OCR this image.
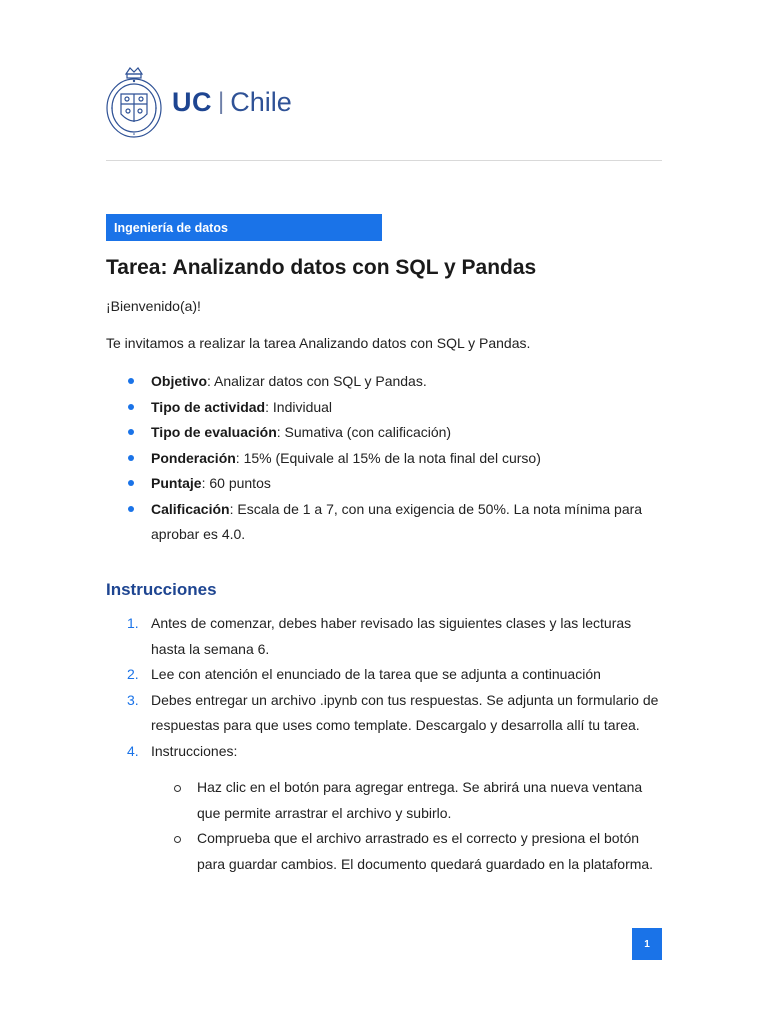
UC | Chile
Ingeniería de datos
Tarea: Analizando datos con SQL y Pandas

¡Bienvenido(a)!

Te invitamos a realizar la tarea Analizando datos con SQL y Pandas.

Objetivo: Analizar datos con SQL y Pandas.
Tipo de actividad: Individual
Tipo de evaluación: Sumativa (con calificación)
Ponderación: 15% (Equivale al 15% de la nota final del curso)
Puntaje: 60 puntos
Calificación: Escala de 1 a 7, con una exigencia de 50%. La nota mínima para aprobar es 4.0.
Instrucciones
1. Antes de comenzar, debes haber revisado las siguientes clases y las lecturas hasta la semana 6.
2. Lee con atención el enunciado de la tarea que se adjunta a continuación
3. Debes entregar un archivo .ipynb con tus respuestas. Se adjunta un formulario de respuestas para que uses como template. Descargalo y desarrolla allí tu tarea.
4. Instrucciones:
Haz clic en el botón para agregar entrega. Se abrirá una nueva ventana que permite arrastrar el archivo y subirlo.
Comprueba que el archivo arrastrado es el correcto y presiona el botón para guardar cambios. El documento quedará guardado en la plataforma.
1
